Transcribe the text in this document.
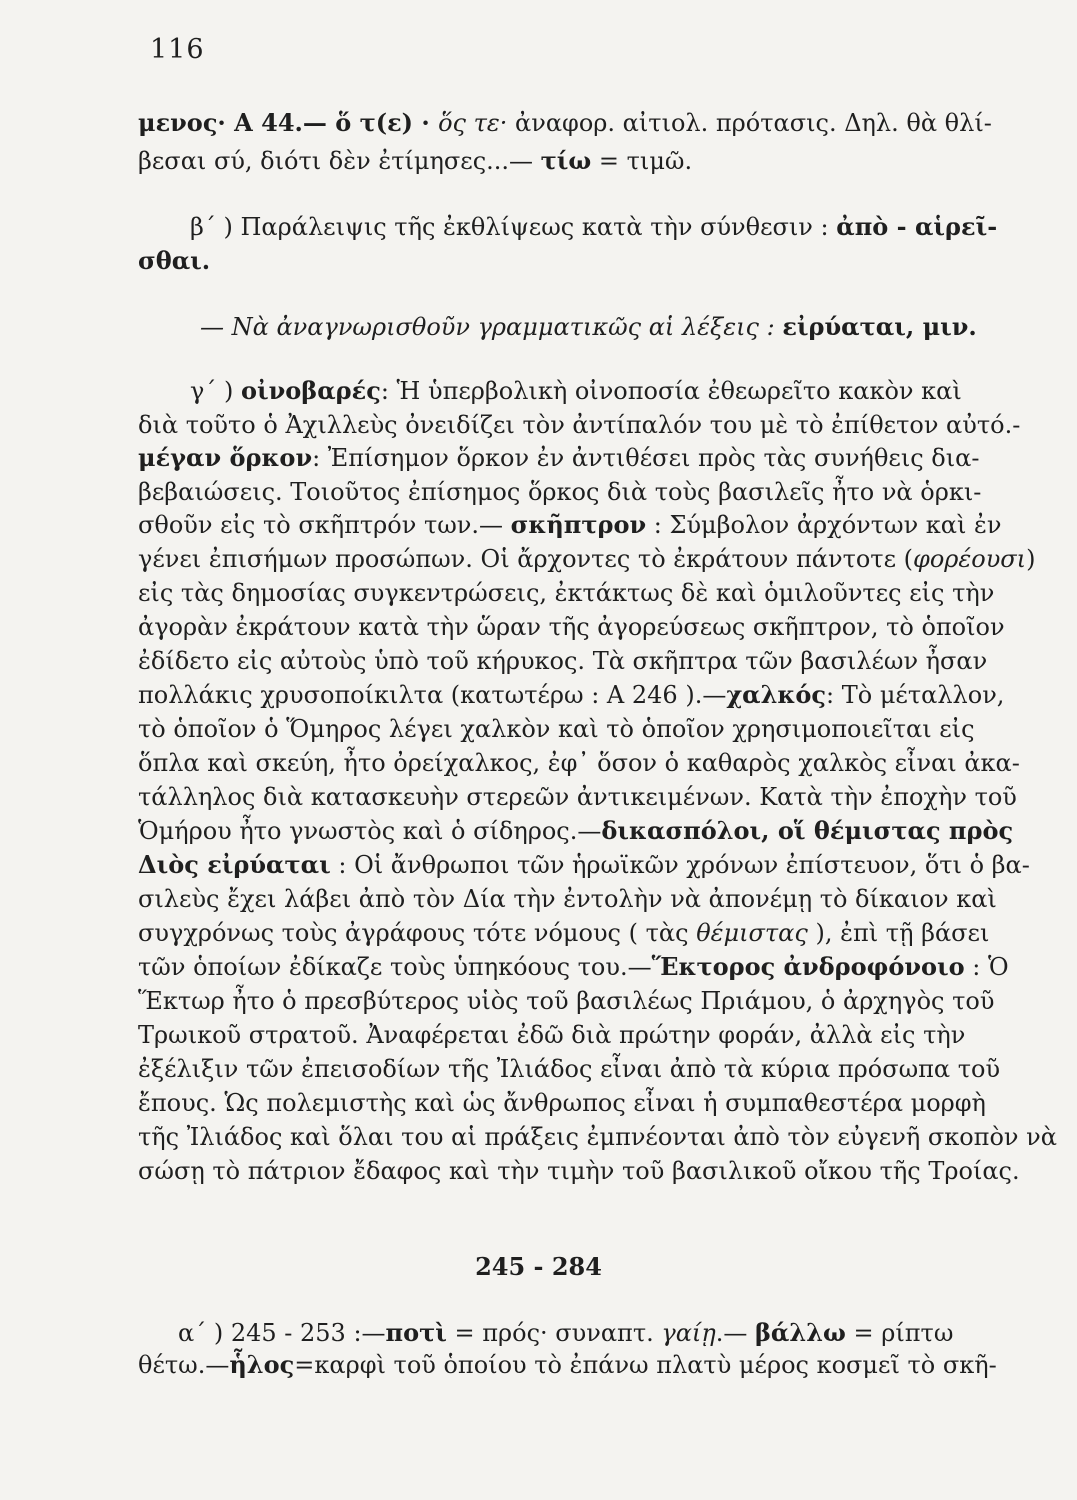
116
μενος· Α 44.— ὅ τ(ε) · ὅς τε· ἀναφορ. αἰτιολ. πρότασις. Δηλ. θὰ θλί-
βεσαι σύ, διότι δὲν ἐτίμησες...— τίω = τιμῶ.
β΄ ) Παράλειψις τῆς ἐκθλίψεως κατὰ τὴν σύνθεσιν : ἀπὸ - αἱρεῖ-
σθαι.
— Νὰ ἀναγνωρισθοῦν γραμματικῶς αἱ λέξεις : εἰρύαται, μιν.
γ΄ ) οἰνοβαρές: Ἡ ὑπερβολικὴ οἰνοποσία ἐθεωρεῖτο κακὸν καὶ
διὰ τοῦτο ὁ Ἀχιλλεὺς ὀνειδίζει τὸν ἀντίπαλόν του μὲ τὸ ἐπίθετον αὐτό.-
μέγαν ὅρκον: Ἐπίσημον ὅρκον ἐν ἀντιθέσει πρὸς τὰς συνήθεις δια-
βεβαιώσεις. Τοιοῦτος ἐπίσημος ὅρκος διὰ τοὺς βασιλεῖς ἦτο νὰ ὁρκι-
σθοῦν εἰς τὸ σκῆπτρόν των.— σκῆπτρον : Σύμβολον ἀρχόντων καὶ ἐν
γένει ἐπισήμων προσώπων. Οἱ ἄρχοντες τὸ ἐκράτουν πάντοτε (φορέουσι)
εἰς τὰς δημοσίας συγκεντρώσεις, ἐκτάκτως δὲ καὶ ὁμιλοῦντες εἰς τὴν
ἀγορὰν ἐκράτουν κατὰ τὴν ὥραν τῆς ἀγορεύσεως σκῆπτρον, τὸ ὁποῖον
ἐδίδετο εἰς αὐτοὺς ὑπὸ τοῦ κήρυκος. Τὰ σκῆπτρα τῶν βασιλέων ἦσαν
πολλάκις χρυσοποίκιλτα (κατωτέρω : Α 246 ).—χαλκός: Τὸ μέταλλον,
τὸ ὁποῖον ὁ Ὅμηρος λέγει χαλκὸν καὶ τὸ ὁποῖον χρησιμοποιεῖται εἰς
ὅπλα καὶ σκεύη, ἦτο ὀρείχαλκος, ἐφ᾽ ὅσον ὁ καθαρὸς χαλκὸς εἶναι ἀκα-
τάλληλος διὰ κατασκευὴν στερεῶν ἀντικειμένων. Κατὰ τὴν ἐποχὴν τοῦ
Ὁμήρου ἦτο γνωστὸς καὶ ὁ σίδηρος.—δικασπόλοι, οἵ θέμιστας πρὸς
Διὸς εἰρύαται : Οἱ ἄνθρωποι τῶν ἡρωϊκῶν χρόνων ἐπίστευον, ὅτι ὁ βα-
σιλεὺς ἔχει λάβει ἀπὸ τὸν Δία τὴν ἐντολὴν νὰ ἀπονέμῃ τὸ δίκαιον καὶ
συγχρόνως τοὺς ἀγράφους τότε νόμους ( τὰς θέμιστας ), ἐπὶ τῇ βάσει
τῶν ὁποίων ἐδίκαζε τοὺς ὑπηκόους του.—Ἕκτορος ἀνδροφόνοιο : Ὁ
Ἕκτωρ ἦτο ὁ πρεσβύτερος υἱὸς τοῦ βασιλέως Πριάμου, ὁ ἀρχηγὸς τοῦ
Τρωικοῦ στρατοῦ. Ἀναφέρεται ἐδῶ διὰ πρώτην φοράν, ἀλλὰ εἰς τὴν
ἐξέλιξιν τῶν ἐπεισοδίων τῆς Ἰλιάδος εἶναι ἀπὸ τὰ κύρια πρόσωπα τοῦ
ἔπους. Ὡς πολεμιστὴς καὶ ὡς ἄνθρωπος εἶναι ἡ συμπαθεστέρα μορφὴ
τῆς Ἰλιάδος καὶ ὅλαι του αἱ πράξεις ἐμπνέονται ἀπὸ τὸν εὐγενῆ σκοπὸν νὰ
σώσῃ τὸ πάτριον ἔδαφος καὶ τὴν τιμὴν τοῦ βασιλικοῦ οἴκου τῆς Τροίας.
245 - 284
α΄ ) 245 - 253 :—ποτὶ = πρός· συναπτ. γαίῃ.— βάλλω = ρίπτω
θέτω.—ἧλος=καρφὶ τοῦ ὁποίου τὸ ἐπάνω πλατὺ μέρος κοσμεῖ τὸ σκῆ-
